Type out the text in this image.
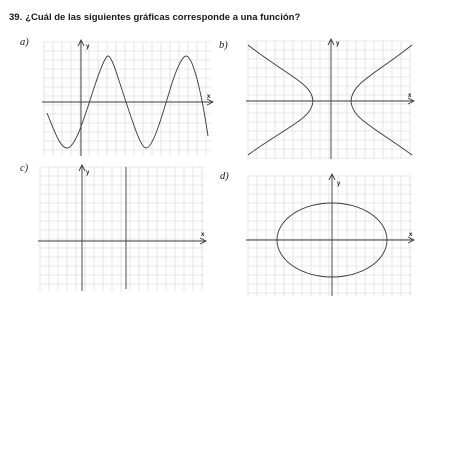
39. ¿Cuál de las siguientes gráficas corresponde a una función?
a)	y
x
b)	y
x
c)	y
x
d)
y
x
